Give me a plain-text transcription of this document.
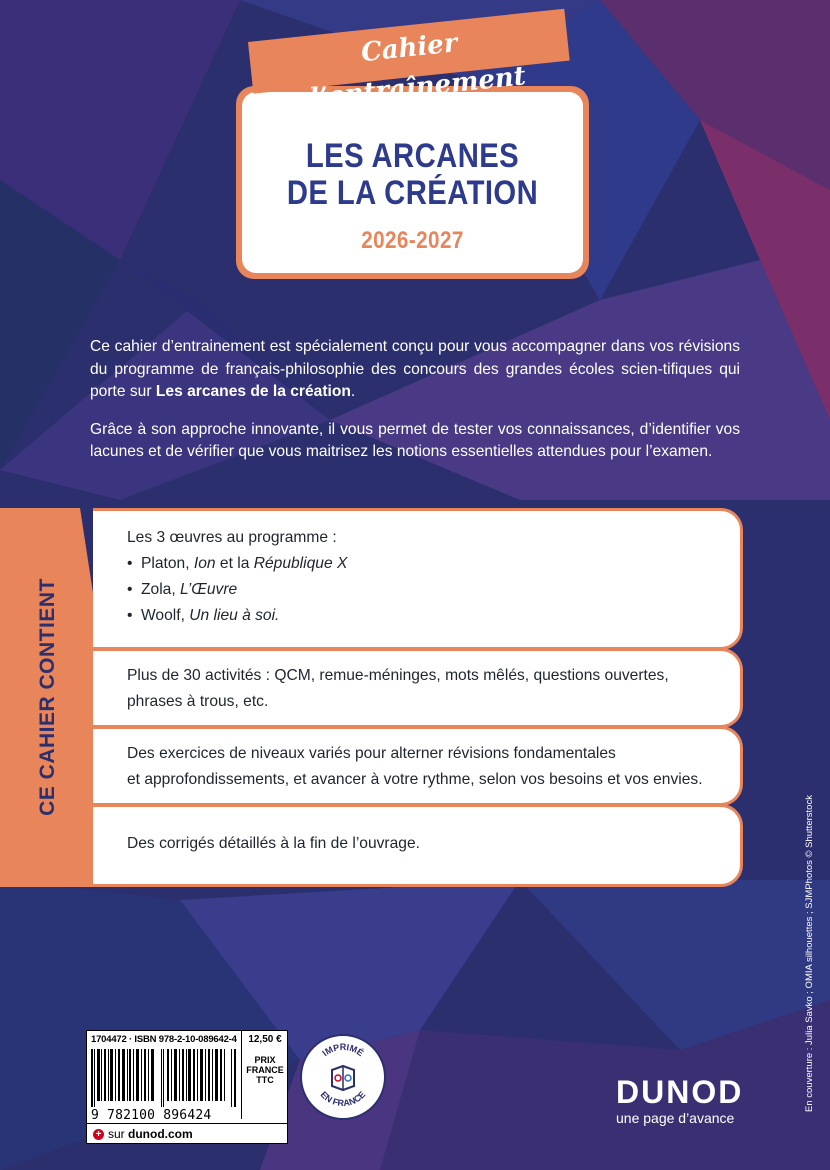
LES ARCANES
DE LA CRÉATION
2026-2027
Cahier d’entraînement

Ce cahier d’entrainement est spécialement conçu pour vous accompagner dans vos révisions du programme de français-philosophie des concours des grandes écoles scien-tifiques qui porte sur Les arcanes de la création.

Grâce à son approche innovante, il vous permet de tester vos connaissances, d’identifier vos lacunes et de vérifier que vous maitrisez les notions essentielles attendues pour l’examen.

CE CAHIER CONTIENT
Les 3 œuvres au programme :
• Platon, Ion et la République X
• Zola, L’Œuvre
• Woolf, Un lieu à soi.
Plus de 30 activités : QCM, remue-méninges, mots mêlés, questions ouvertes,
phrases à trous, etc.
Des exercices de niveaux variés pour alterner révisions fondamentales
et approfondissements, et avancer à votre rythme, selon vos besoins et vos envies.
Des corrigés détaillés à la fin de l’ouvrage.
1704472 · ISBN 978-2-10-089642-4
9 782100 896424
12,50 €
PRIX
FRANCE
TTC
+ sur dunod.com
IMPRIMÉ
EN FRANCE	DUNOD
une page d’avance
En couverture : Julia Savko ; OMIA silhouettes ; SJMPhotos © Shutterstock
